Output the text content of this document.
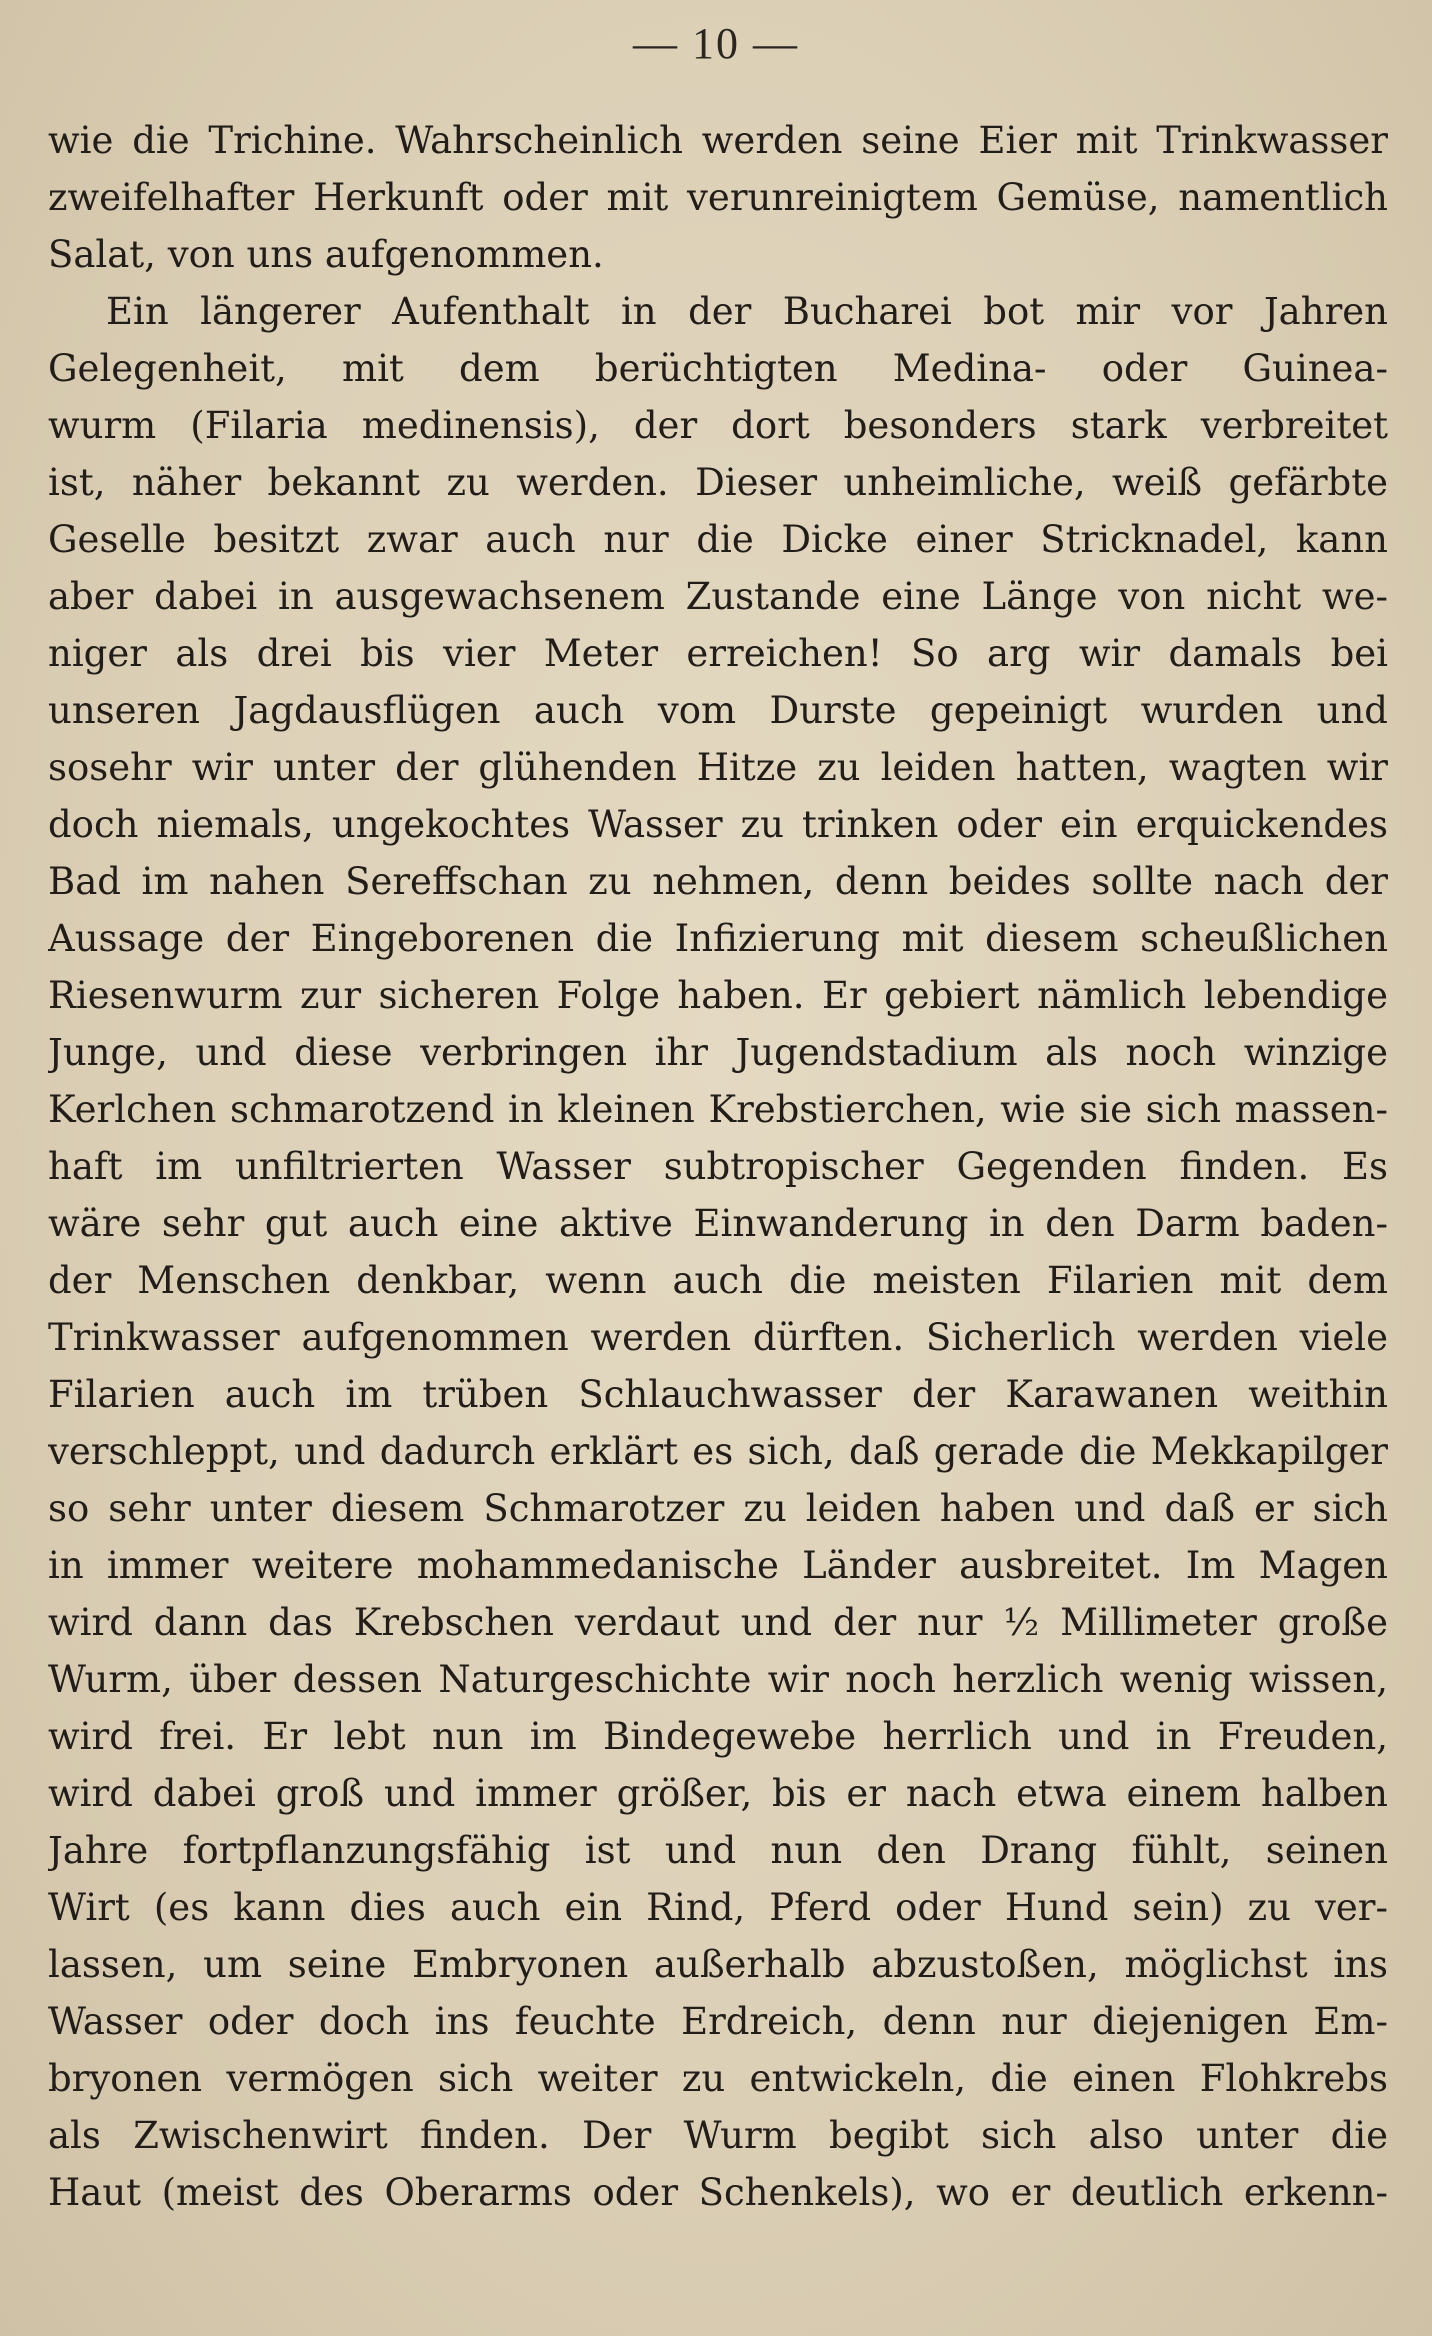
— 10 —
wie die Trichine. Wahrscheinlich werden seine Eier mit Trinkwasser
zweifelhafter Herkunft oder mit verunreinigtem Gemüse, namentlich
Salat, von uns aufgenommen.
Ein längerer Aufenthalt in der Bucharei bot mir vor Jahren
Gelegenheit, mit dem berüchtigten Medina- oder Guinea-
wurm (Filaria medinensis), der dort besonders stark verbreitet
ist, näher bekannt zu werden. Dieser unheimliche, weiß gefärbte
Geselle besitzt zwar auch nur die Dicke einer Stricknadel, kann
aber dabei in ausgewachsenem Zustande eine Länge von nicht we-
niger als drei bis vier Meter erreichen! So arg wir damals bei
unseren Jagdausflügen auch vom Durste gepeinigt wurden und
sosehr wir unter der glühenden Hitze zu leiden hatten, wagten wir
doch niemals, ungekochtes Wasser zu trinken oder ein erquickendes
Bad im nahen Sereffschan zu nehmen, denn beides sollte nach der
Aussage der Eingeborenen die Infizierung mit diesem scheußlichen
Riesenwurm zur sicheren Folge haben. Er gebiert nämlich lebendige
Junge, und diese verbringen ihr Jugendstadium als noch winzige
Kerlchen schmarotzend in kleinen Krebstierchen, wie sie sich massen-
haft im unfiltrierten Wasser subtropischer Gegenden finden. Es
wäre sehr gut auch eine aktive Einwanderung in den Darm baden-
der Menschen denkbar, wenn auch die meisten Filarien mit dem
Trinkwasser aufgenommen werden dürften. Sicherlich werden viele
Filarien auch im trüben Schlauchwasser der Karawanen weithin
verschleppt, und dadurch erklärt es sich, daß gerade die Mekkapilger
so sehr unter diesem Schmarotzer zu leiden haben und daß er sich
in immer weitere mohammedanische Länder ausbreitet. Im Magen
wird dann das Krebschen verdaut und der nur ½ Millimeter große
Wurm, über dessen Naturgeschichte wir noch herzlich wenig wissen,
wird frei. Er lebt nun im Bindegewebe herrlich und in Freuden,
wird dabei groß und immer größer, bis er nach etwa einem halben
Jahre fortpflanzungsfähig ist und nun den Drang fühlt, seinen
Wirt (es kann dies auch ein Rind, Pferd oder Hund sein) zu ver-
lassen, um seine Embryonen außerhalb abzustoßen, möglichst ins
Wasser oder doch ins feuchte Erdreich, denn nur diejenigen Em-
bryonen vermögen sich weiter zu entwickeln, die einen Flohkrebs
als Zwischenwirt finden. Der Wurm begibt sich also unter die
Haut (meist des Oberarms oder Schenkels), wo er deutlich erkenn-
